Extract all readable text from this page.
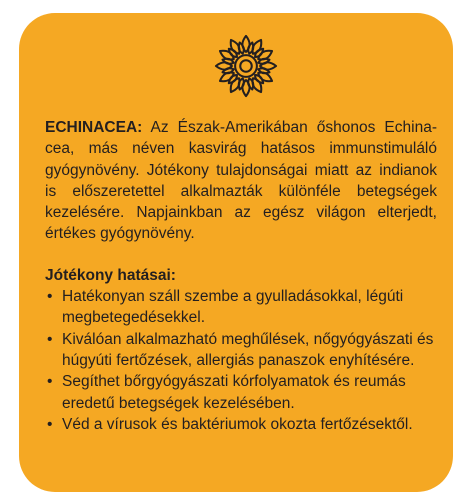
ECHINACEA: Az Észak-Amerikában őshonos Echinacea, más néven kasvirág hatásos immunstimuláló gyógynövény. Jótékony tulajdonságai miatt az indianok is előszeretettel alkalmazták különféle betegségek kezelésére. Napjainkban az egész világon elterjedt, értékes gyógynövény.

Jótékony hatásai:

• Hatékonyan száll szembe a gyulladásokkal, légúti megbetegedésekkel.
• Kiválóan alkalmazható meghűlések, nőgyógyászati és húgyúti fertőzések, allergiás panaszok enyhítésére.
• Segíthet bőrgyógyászati kórfolyamatok és reumás eredetű betegségek kezelésében.
• Véd a vírusok és baktériumok okozta fertőzésektől.
